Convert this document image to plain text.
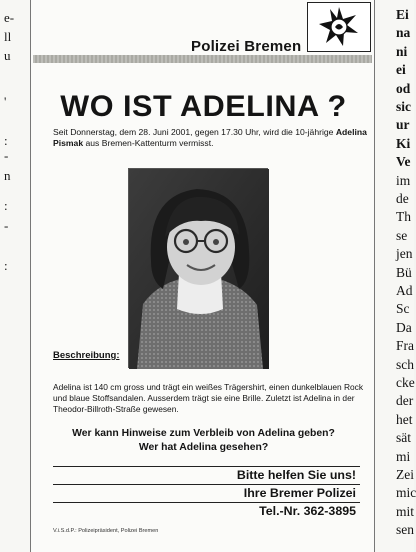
e-
ll
u
'
:
-
n
:
-
:
Polizei Bremen
WO IST ADELINA ?
Seit Donnerstag, dem 28. Juni 2001, gegen 17.30 Uhr, wird die 10-jährige Adelina Pismak aus Bremen-Kattenturm vermisst.
Beschreibung:
Adelina ist 140 cm gross und trägt ein weißes Trägershirt, einen dunkelblauen Rock und blaue Stoffsandalen. Ausserdem trägt sie eine Brille. Zuletzt ist Adelina in der Theodor-Billroth-Straße gewesen.
Wer kann Hinweise zum Verbleib von Adelina geben?
Wer hat Adelina gesehen?
Bitte helfen Sie uns!
Ihre Bremer Polizei
Tel.-Nr. 362-3895
V.i.S.d.P.: Polizeipräsident, Polizei Bremen
Ei
na
ni
ei
od
sic
ur
Ki
Ve
im
de
Th
se
jen
Bü
Ad
Sc
Da
Fra
sch
cke
der
het
sät
mi
Zei
mic
mit
sen
